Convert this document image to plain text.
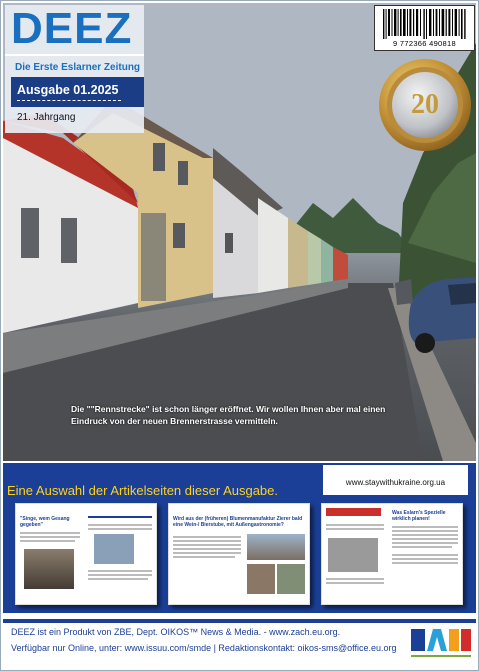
DEEZ
Die Erste Eslarner Zeitung
Ausgabe 01.2025
21. Jahrgang
9 772366 490818
20
Die ""Rennstrecke" ist schon länger eröffnet. Wir wollen Ihnen aber mal einen Eindruck von der neuen Brennerstrasse vermitteln.
Eine Auswahl der Artikelseiten dieser Ausgabe.
www.staywithukraine.org.ua
"Singe, wem Gesang gegeben"
Wird aus der (früheren) Blumenmanufaktur Zierer bald eine Wein-/ Bierstube, mit Außengastronomie?
Was Eslarn's Spezielle wirklich planen!
DEEZ ist ein Produkt von ZBE, Dept. OIKOS™ News & Media. - www.zach.eu.org.
Verfügbar nur Online, unter: www.issuu.com/smde | Redaktionskontakt: oikos-sms@office.eu.org
